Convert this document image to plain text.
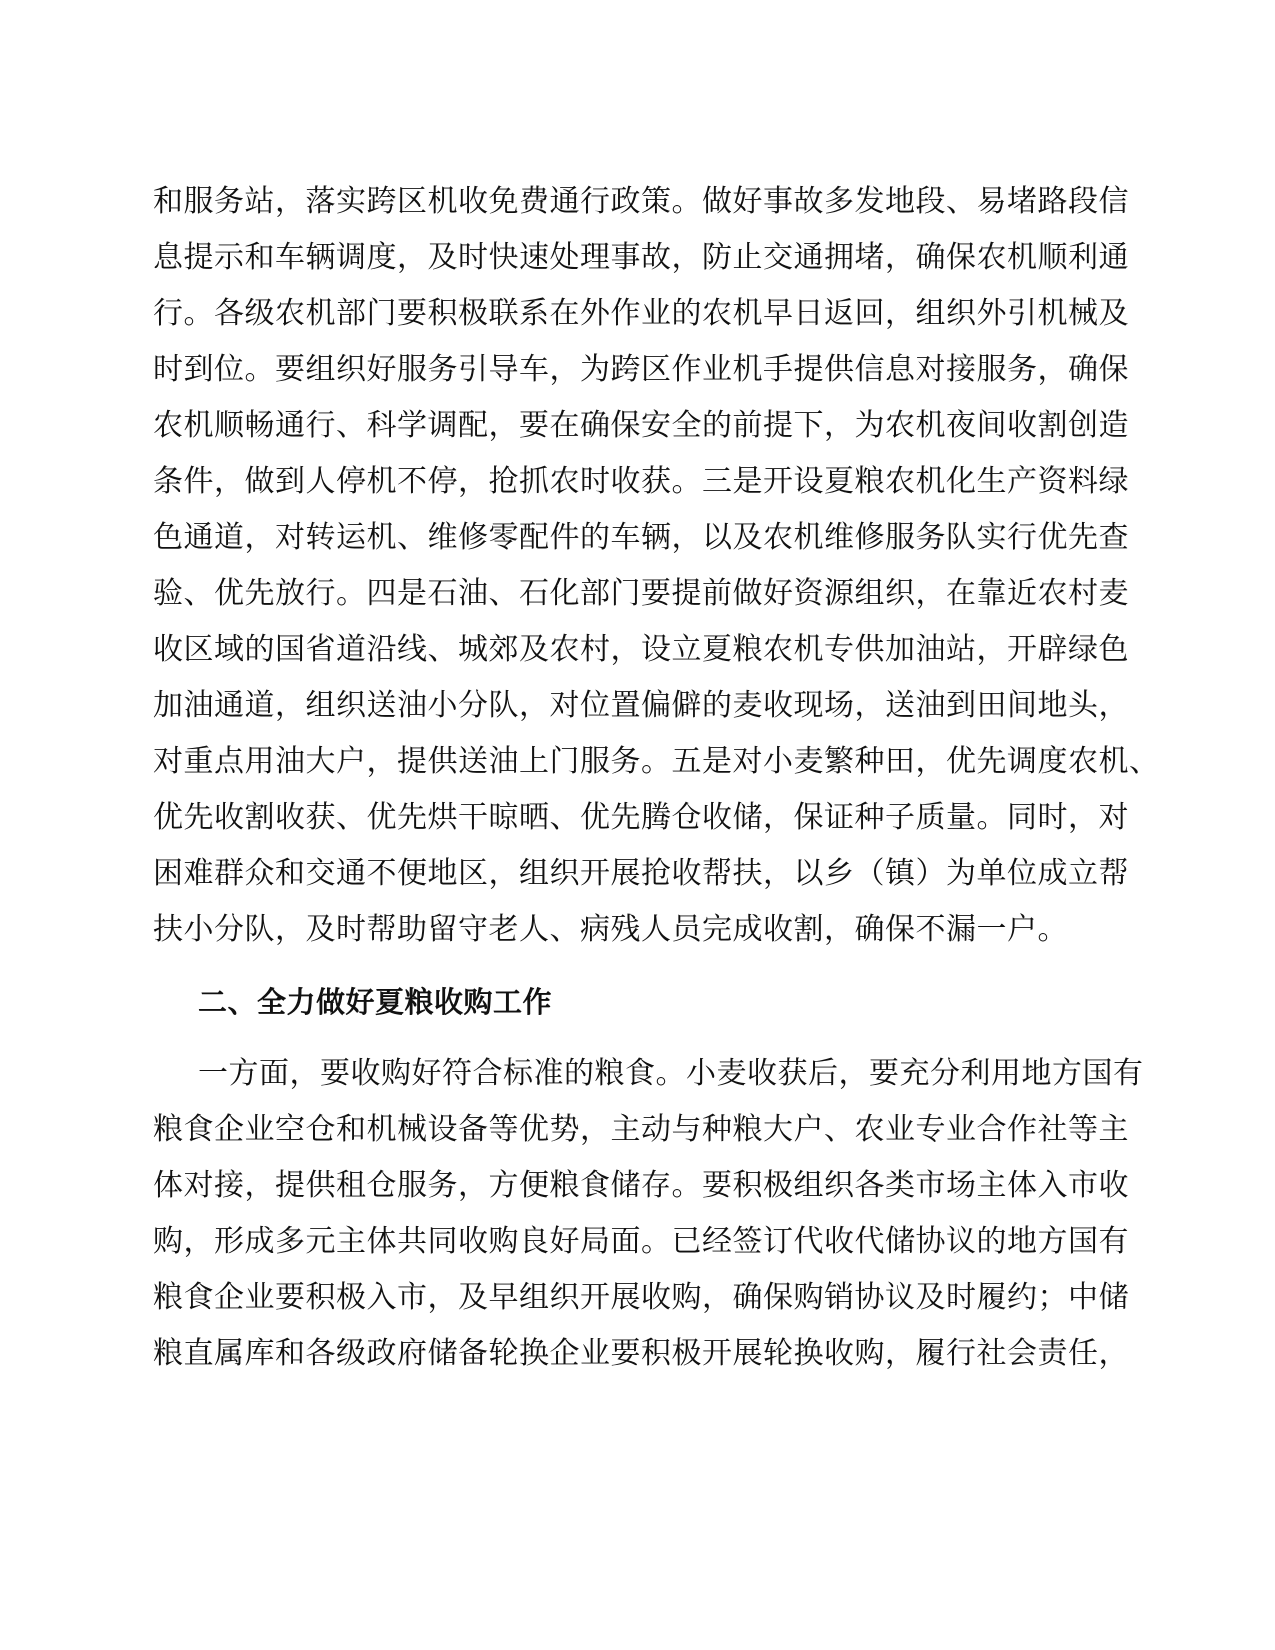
和服务站，落实跨区机收免费通行政策。做好事故多发地段、易堵路段信
息提示和车辆调度，及时快速处理事故，防止交通拥堵，确保农机顺利通
行。各级农机部门要积极联系在外作业的农机早日返回，组织外引机械及
时到位。要组织好服务引导车，为跨区作业机手提供信息对接服务，确保
农机顺畅通行、科学调配，要在确保安全的前提下，为农机夜间收割创造
条件，做到人停机不停，抢抓农时收获。三是开设夏粮农机化生产资料绿
色通道，对转运机、维修零配件的车辆，以及农机维修服务队实行优先查
验、优先放行。四是石油、石化部门要提前做好资源组织，在靠近农村麦
收区域的国省道沿线、城郊及农村，设立夏粮农机专供加油站，开辟绿色
加油通道，组织送油小分队，对位置偏僻的麦收现场，送油到田间地头，
对重点用油大户，提供送油上门服务。五是对小麦繁种田，优先调度农机、
优先收割收获、优先烘干晾晒、优先腾仓收储，保证种子质量。同时，对
困难群众和交通不便地区，组织开展抢收帮扶，以乡（镇）为单位成立帮
扶小分队，及时帮助留守老人、病残人员完成收割，确保不漏一户。
二、全力做好夏粮收购工作
一方面，要收购好符合标准的粮食。小麦收获后，要充分利用地方国有
粮食企业空仓和机械设备等优势，主动与种粮大户、农业专业合作社等主
体对接，提供租仓服务，方便粮食储存。要积极组织各类市场主体入市收
购，形成多元主体共同收购良好局面。已经签订代收代储协议的地方国有
粮食企业要积极入市，及早组织开展收购，确保购销协议及时履约；中储
粮直属库和各级政府储备轮换企业要积极开展轮换收购，履行社会责任，
